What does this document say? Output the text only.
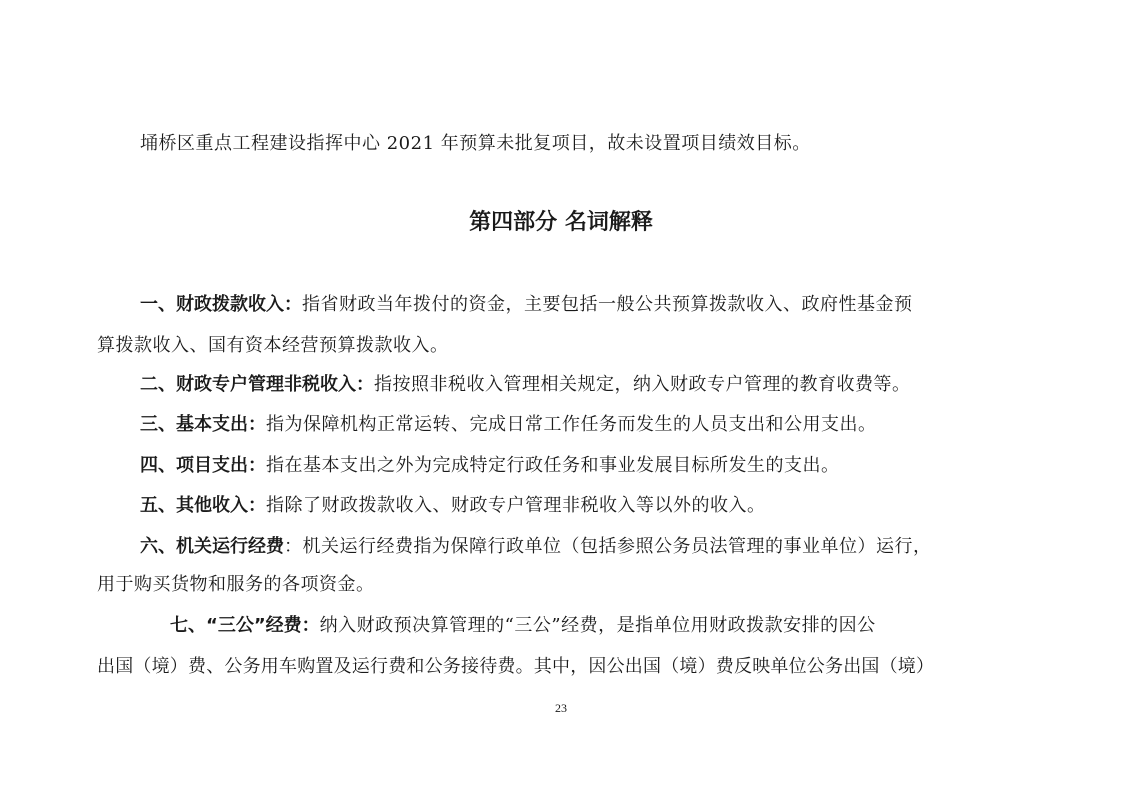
埇桥区重点工程建设指挥中心 2021 年预算未批复项目，故未设置项目绩效目标。
第四部分 名词解释
一、财政拨款收入：指省财政当年拨付的资金，主要包括一般公共预算拨款收入、政府性基金预
算拨款收入、国有资本经营预算拨款收入。
二、财政专户管理非税收入：指按照非税收入管理相关规定，纳入财政专户管理的教育收费等。
三、基本支出：指为保障机构正常运转、完成日常工作任务而发生的人员支出和公用支出。
四、项目支出：指在基本支出之外为完成特定行政任务和事业发展目标所发生的支出。
五、其他收入：指除了财政拨款收入、财政专户管理非税收入等以外的收入。
六、机关运行经费：机关运行经费指为保障行政单位（包括参照公务员法管理的事业单位）运行，
用于购买货物和服务的各项资金。
七、“三公”经费：纳入财政预决算管理的“三公”经费，是指单位用财政拨款安排的因公
出国（境）费、公务用车购置及运行费和公务接待费。其中，因公出国（境）费反映单位公务出国（境）
23
